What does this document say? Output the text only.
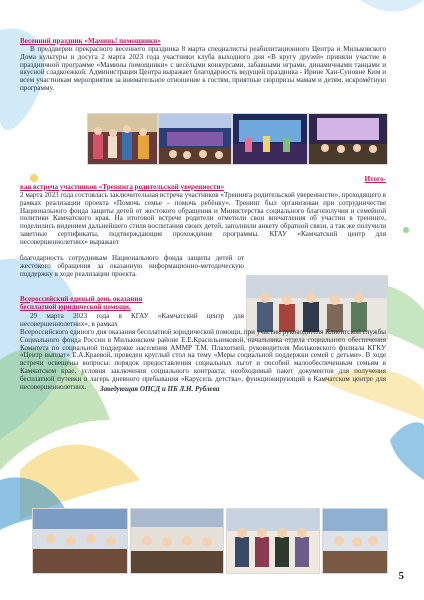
Весенний праздник «Маминь! помощники»
В преддверии прекрасного весеннего праздника 8 марта специалисты реабилитационного Центра и Мильковского Дома культуры и досуга 2 марта 2023 года участники клуба выходного дня «В кругу друзей» приняли участие в праздничной программе «Мамины помощники» с весёлыми конкурсами, забавными играми, динамичными танцами и вкусной сладкоежкой. Администрация Центра выражает благодарность ведущей праздника - Ирине Хан-Суновне Ким и всем участникам мероприятия за внимательное отношение к гостям, приятные сюрпризы мамам и детям, искромётную программу.
Итого-
вая встреча участников «Тренинга родительской уверенности»
2 марта 2023 года состоялась заключительная встреча участников «Тренинга родительской уверенности», проходящего в рамках реализации проекта «Помочь семье – помочь ребёнку». Тренинг был организован при сотрудничестве Национального фонда защиты детей от жестокого обращения и Министерства социального благополучия и семейной политики Камчатского края. На итоговой встрече родители отметили свои впечатления об участии в тренинге, поделились видением дальнейшего стиля воспитания своих детей, заполнили анкету обратной связи, а так же получили заветные сертификаты, подтверждающие прохождение программы. КГАУ «Камчатский центр для несовершеннолетних» выражает
благодарность сотрудникам Национального фонда защиты детей от жестокого обращения за оказанную информационно-методическую поддержку в ходе реализации проекта.
Всероссийский единый день оказания
бесплатной юридической помощи.
29 марта 2023 года в КГАУ «Камчатский центр для несовершеннолетних», в рамках
Всероссийского единого дня оказания бесплатной юридической помощи, при участии руководителя Клиентской службы Социального фонда России в Мильковском районе Е.Е.Красильниковой, начальника отдела социального обеспечения Комитета по социальной поддержке населения АММР Т.М. Плахотней, руководителя Мильковского филиала КГКУ «Центр выплат» Е.А.Краевой, проведен круглый стол на тему «Меры социальной поддержки семей с детьми». В ходе встречи освещены вопросы: порядок предоставления социальных льгот и пособий малообеспеченным семьям в Камчатском крае, условия заключения социального контракта; необходимый пакет документов для получения бесплатной путевки в лагерь дневного пребывания «Карусель детства», функционирующий в Камчатском центре для несовершеннолетних.	Заведующая ОПСД и ПБ Л.Н. Рублева
5
